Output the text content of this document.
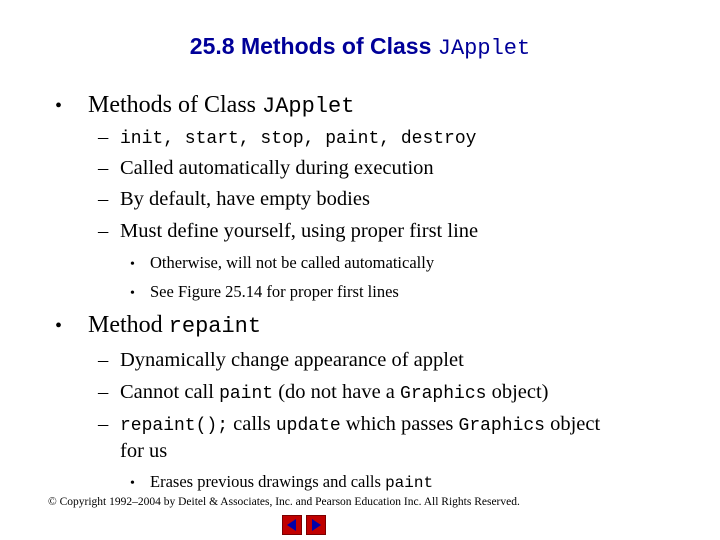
25.8 Methods of Class JApplet
• Methods of Class JApplet
– init, start, stop, paint, destroy
– Called automatically during execution
– By default, have empty bodies
– Must define yourself, using proper first line
• Otherwise, will not be called automatically
• See Figure 25.14 for proper first lines
• Method repaint
– Dynamically change appearance of applet
– Cannot call paint (do not have a Graphics object)
– repaint(); calls update which passes Graphics object
for us
• Erases previous drawings and calls paint
© Copyright 1992–2004 by Deitel & Associates, Inc. and Pearson Education Inc. All Rights Reserved.
